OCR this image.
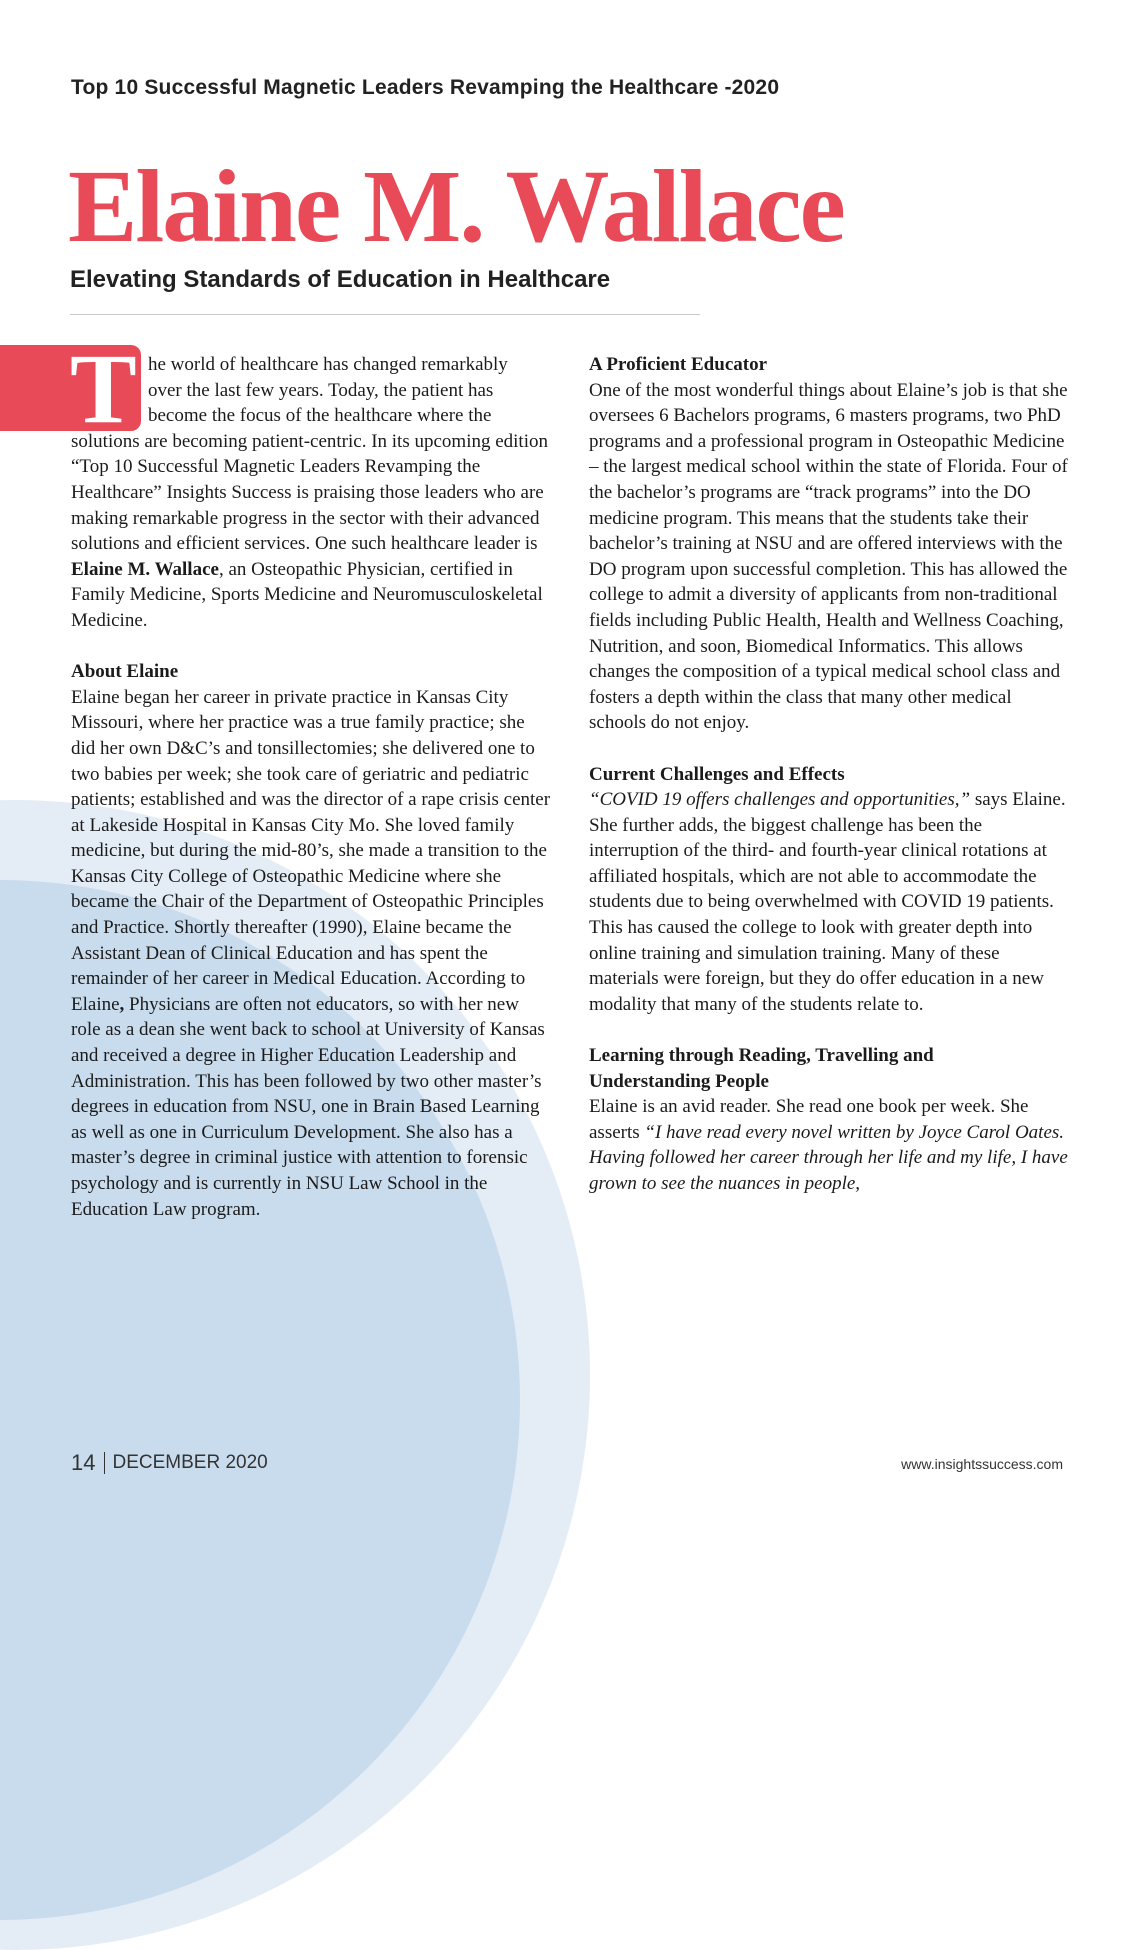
Top 10 Successful Magnetic Leaders Revamping the Healthcare -2020
Elaine M. Wallace
Elevating Standards of Education in Healthcare
T he world of healthcare has changed remarkably

over the last few years. Today, the patient has

become the focus of the healthcare where the

solutions are becoming patient-centric. In its upcoming edition “Top 10 Successful Magnetic Leaders Revamping the Healthcare” Insights Success is praising those leaders who are making remarkable progress in the sector with their advanced solutions and efficient services. One such healthcare leader is Elaine M. Wallace, an Osteopathic Physician, certified in Family Medicine, Sports Medicine and Neuromusculoskeletal Medicine.

About Elaine

Elaine began her career in private practice in Kansas City Missouri, where her practice was a true family practice; she did her own D&C’s and tonsillectomies; she delivered one to two babies per week; she took care of geriatric and pediatric patients; established and was the director of a rape crisis center at Lakeside Hospital in Kansas City Mo. She loved family medicine, but during the mid-80’s, she made a transition to the Kansas City College of Osteopathic Medicine where she became the Chair of the Department of Osteopathic Principles and Practice. Shortly thereafter (1990), Elaine became the Assistant Dean of Clinical Education and has spent the remainder of her career in Medical Education. According to Elaine, Physicians are often not educators, so with her new role as a dean she went back to school at University of Kansas and received a degree in Higher Education Leadership and Administration. This has been followed by two other master’s degrees in education from NSU, one in Brain Based Learning as well as one in Curriculum Development. She also has a master’s degree in criminal justice with attention to forensic psychology and is currently in NSU Law School in the Education Law program.

A Proficient Educator

One of the most wonderful things about Elaine’s job is that she oversees 6 Bachelors programs, 6 masters programs, two PhD programs and a professional program in Osteopathic Medicine – the largest medical school within the state of Florida. Four of the bachelor’s programs are “track programs” into the DO medicine program. This means that the students take their bachelor’s training at NSU and are offered interviews with the DO program upon successful completion. This has allowed the college to admit a diversity of applicants from non-traditional fields including Public Health, Health and Wellness Coaching, Nutrition, and soon, Biomedical Informatics. This allows changes the composition of a typical medical school class and fosters a depth within the class that many other medical schools do not enjoy.

Current Challenges and Effects

“COVID 19 offers challenges and opportunities,” says Elaine. She further adds, the biggest challenge has been the interruption of the third- and fourth-year clinical rotations at affiliated hospitals, which are not able to accommodate the students due to being overwhelmed with COVID 19 patients. This has caused the college to look with greater depth into online training and simulation training. Many of these materials were foreign, but they do offer education in a new modality that many of the students relate to.

Learning through Reading, Travelling and

Understanding People

Elaine is an avid reader. She read one book per week. She asserts “I have read every novel written by Joyce Carol Oates. Having followed her career through her life and my life, I have grown to see the nuances in people,

14 DECEMBER 2020	www.insightssuccess.com
